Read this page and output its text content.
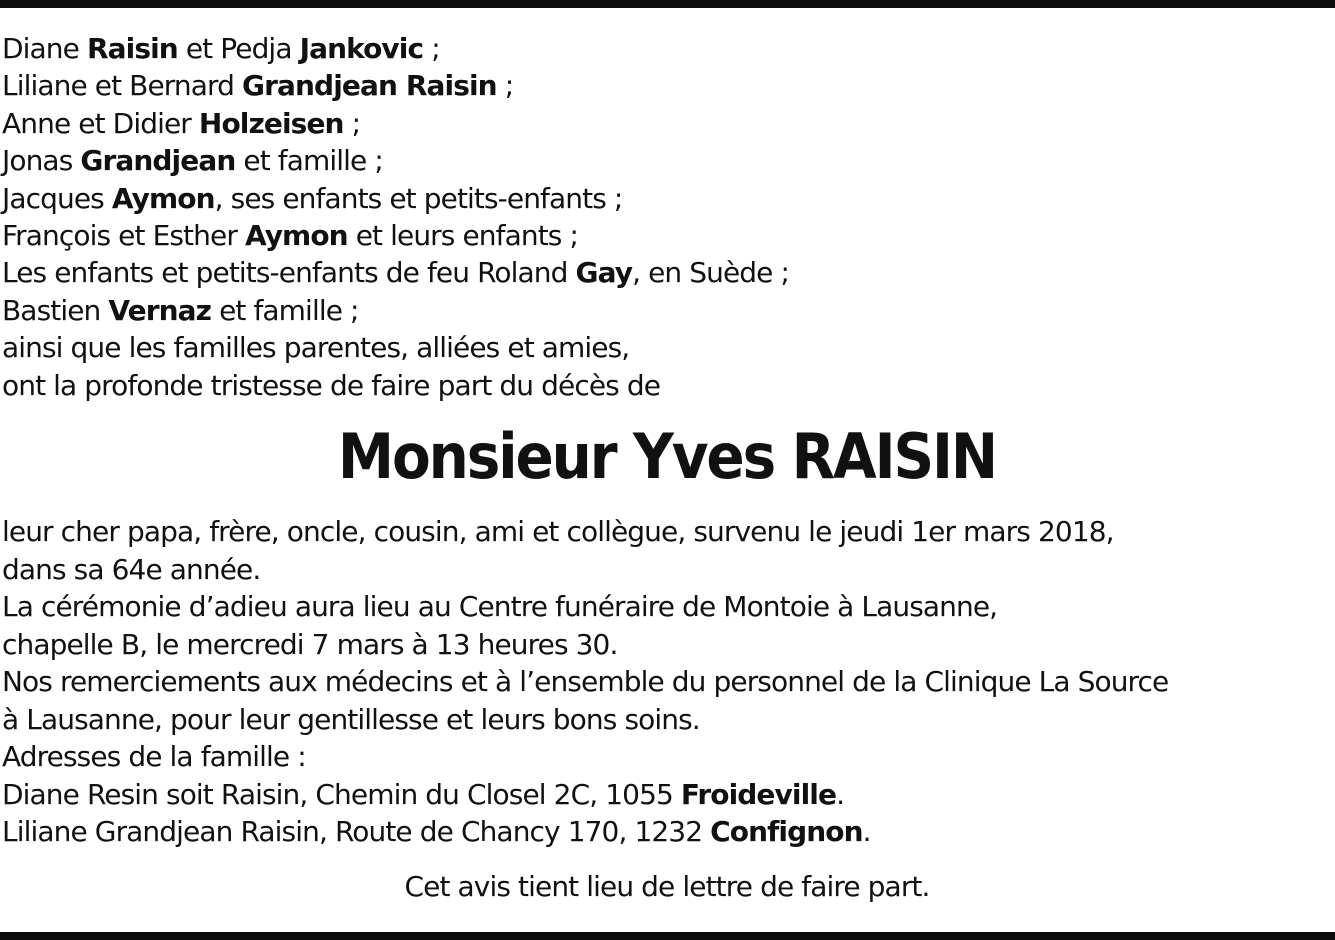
Diane Raisin et Pedja Jankovic ;
Liliane et Bernard Grandjean Raisin ;
Anne et Didier Holzeisen ;
Jonas Grandjean et famille ;
Jacques Aymon, ses enfants et petits-enfants ;
François et Esther Aymon et leurs enfants ;
Les enfants et petits-enfants de feu Roland Gay, en Suède ;
Bastien Vernaz et famille ;
ainsi que les familles parentes, alliées et amies,
ont la profonde tristesse de faire part du décès de
Monsieur Yves RAISIN
leur cher papa, frère, oncle, cousin, ami et collègue, survenu le jeudi 1er mars 2018,
dans sa 64e année.
La cérémonie d’adieu aura lieu au Centre funéraire de Montoie à Lausanne,
chapelle B, le mercredi 7 mars à 13 heures 30.
Nos remerciements aux médecins et à l’ensemble du personnel de la Clinique La Source
à Lausanne, pour leur gentillesse et leurs bons soins.
Adresses de la famille :
Diane Resin soit Raisin, Chemin du Closel 2C, 1055 Froideville.
Liliane Grandjean Raisin, Route de Chancy 170, 1232 Confignon.
Cet avis tient lieu de lettre de faire part.
